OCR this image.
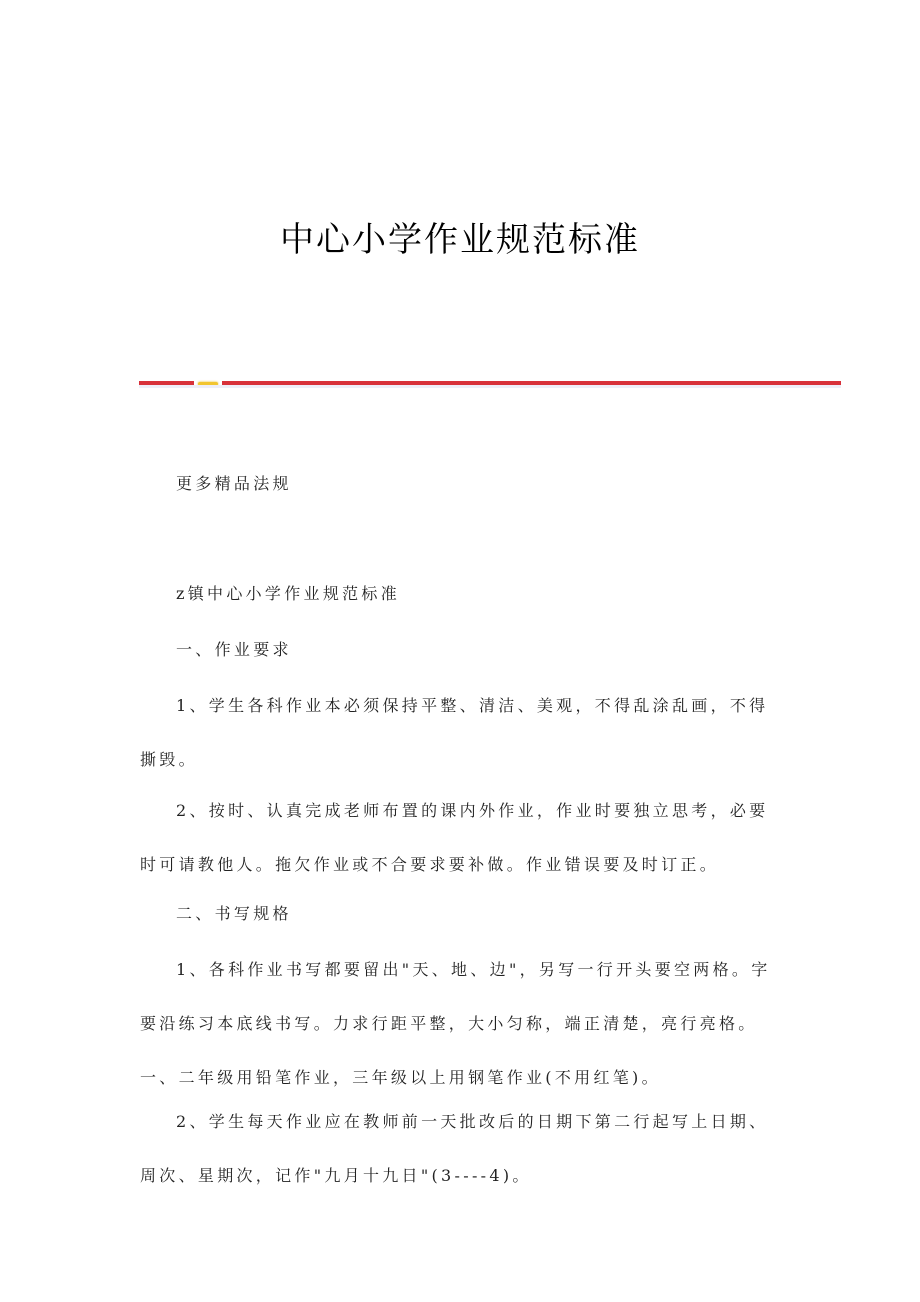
中心小学作业规范标准

更多精品法规

z镇中心小学作业规范标准

一、作业要求

1、学生各科作业本必须保持平整、清洁、美观，不得乱涂乱画，不得撕毁。

2、按时、认真完成老师布置的课内外作业，作业时要独立思考，必要时可请教他人。拖欠作业或不合要求要补做。作业错误要及时订正。

二、书写规格

1、各科作业书写都要留出"天、地、边"，另写一行开头要空两格。字要沿练习本底线书写。力求行距平整，大小匀称，端正清楚，亮行亮格。一、二年级用铅笔作业，三年级以上用钢笔作业(不用红笔)。

2、学生每天作业应在教师前一天批改后的日期下第二行起写上日期、周次、星期次，记作"九月十九日"(3----4)。
